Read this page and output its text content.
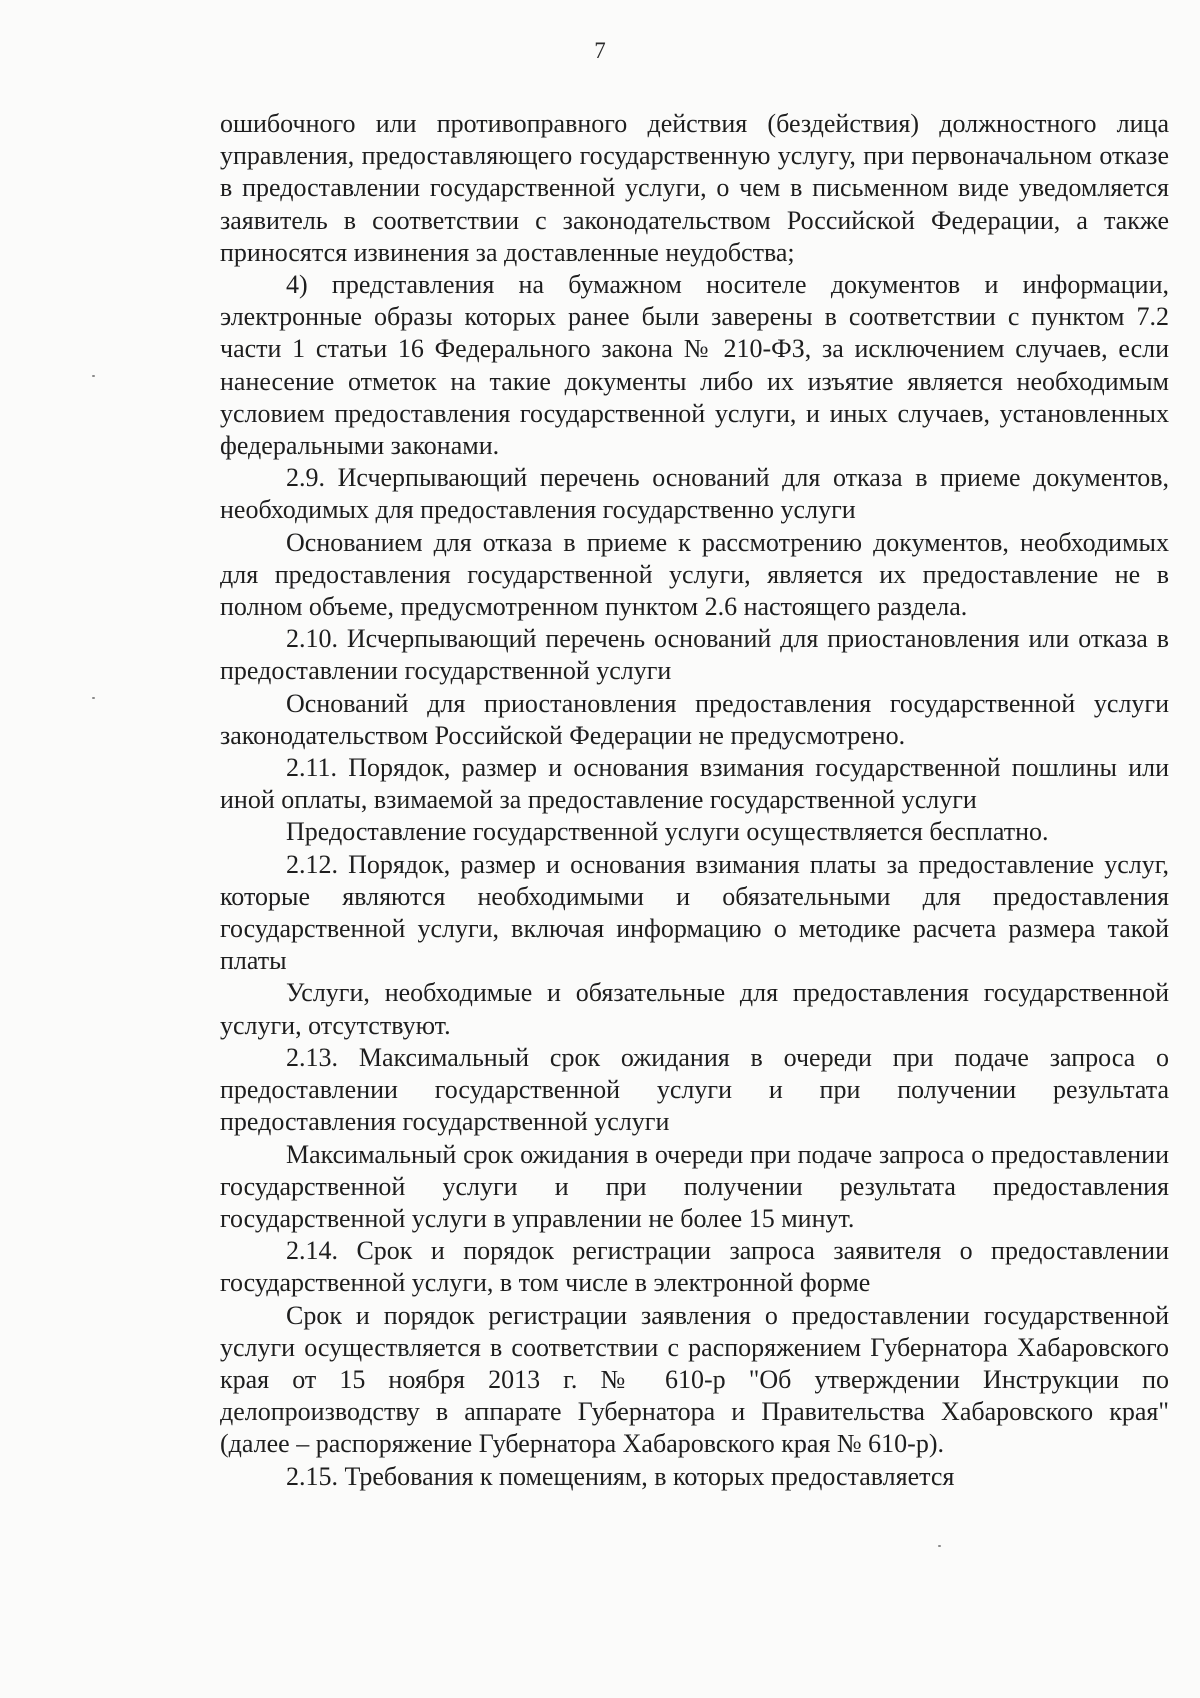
7

ошибочного или противоправного действия (бездействия) должностного лица управления, предоставляющего государственную услугу, при первоначальном отказе в предоставлении государственной услуги, о чем в письменном виде уведомляется заявитель в соответствии с законодательством Российской Федерации, а также приносятся извинения за доставленные неудобства;

4) представления на бумажном носителе документов и информации, электронные образы которых ранее были заверены в соответствии с пунктом 7.2 части 1 статьи 16 Федерального закона № 210-ФЗ, за исключением случаев, если нанесение отметок на такие документы либо их изъятие является необходимым условием предоставления государственной услуги, и иных случаев, установленных федеральными законами.

2.9. Исчерпывающий перечень оснований для отказа в приеме документов, необходимых для предоставления государственно услуги

Основанием для отказа в приеме к рассмотрению документов, необходимых для предоставления государственной услуги, является их предоставление не в полном объеме, предусмотренном пунктом 2.6 настоящего раздела.

2.10. Исчерпывающий перечень оснований для приостановления или отказа в предоставлении государственной услуги

Оснований для приостановления предоставления государственной услуги законодательством Российской Федерации не предусмотрено.

2.11. Порядок, размер и основания взимания государственной пошлины или иной оплаты, взимаемой за предоставление государственной услуги

Предоставление государственной услуги осуществляется бесплатно.

2.12. Порядок, размер и основания взимания платы за предоставление услуг, которые являются необходимыми и обязательными для предоставления государственной услуги, включая информацию о методике расчета размера такой платы

Услуги, необходимые и обязательные для предоставления государственной услуги, отсутствуют.

2.13. Максимальный срок ожидания в очереди при подаче запроса о предоставлении государственной услуги и при получении результата предоставления государственной услуги

Максимальный срок ожидания в очереди при подаче запроса о предоставлении государственной услуги и при получении результата предоставления государственной услуги в управлении не более 15 минут.

2.14. Срок и порядок регистрации запроса заявителя о предоставлении государственной услуги, в том числе в электронной форме

Срок и порядок регистрации заявления о предоставлении государственной услуги осуществляется в соответствии с распоряжением Губернатора Хабаровского края от 15 ноября 2013 г. № 610-р "Об утверждении Инструкции по делопроизводству в аппарате Губернатора и Правительства Хабаровского края" (далее – распоряжение Губернатора Хабаровского края № 610-р).

2.15. Требования к помещениям, в которых предоставляется
